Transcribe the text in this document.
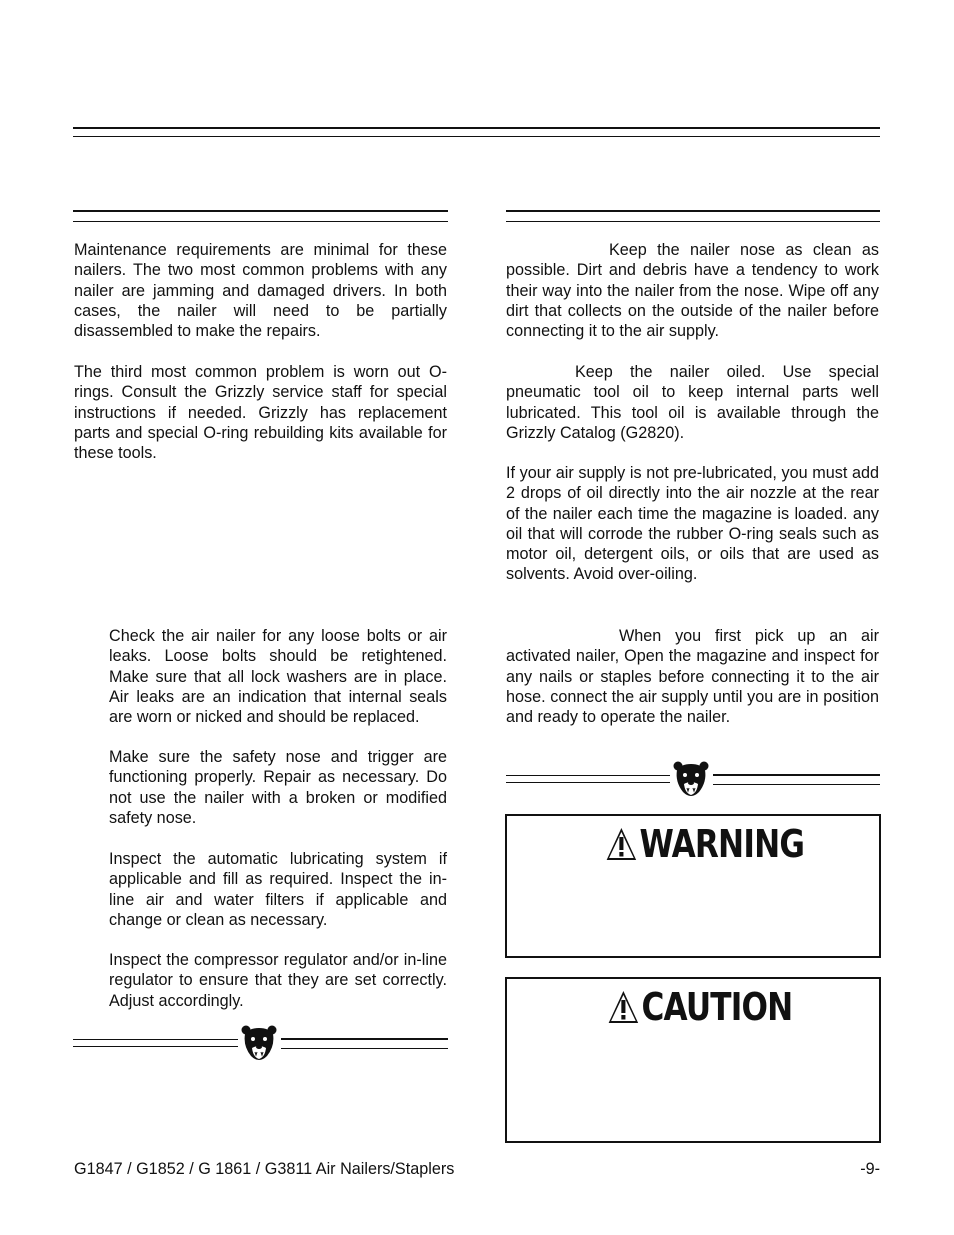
Maintenance requirements are minimal for these nailers. The two most common problems with any nailer are jamming and damaged drivers. In both cases, the nailer will need to be partially disassembled to make the repairs.

The third most common problem is worn out O-rings. Consult the Grizzly service staff for special instructions if needed. Grizzly has replacement parts and special O-ring rebuilding kits available for these tools.

Check the air nailer for any loose bolts or air leaks. Loose bolts should be retightened. Make sure that all lock washers are in place. Air leaks are an indication that internal seals are worn or nicked and should be replaced.

Make sure the safety nose and trigger are functioning properly. Repair as necessary. Do not use the nailer with a broken or modified safety nose.

Inspect the automatic lubricating system if applicable and fill as required. Inspect the in-line air and water filters if applicable and change or clean as necessary.

Inspect the compressor regulator and/or in-line regulator to ensure that they are set correctly. Adjust accordingly.

Keep the nailer nose as clean as possible. Dirt and debris have a tendency to work their way into the nailer from the nose. Wipe off any dirt that collects on the outside of the nailer before connecting it to the air supply.

Keep the nailer oiled. Use special pneumatic tool oil to keep internal parts well lubricated. This tool oil is available through the Grizzly Catalog (G2820).

If your air supply is not pre-lubricated, you must add 2 drops of oil directly into the air nozzle at the rear of the nailer each time the magazine is loaded. any oil that will corrode the rubber O-ring seals such as motor oil, detergent oils, or oils that are used as solvents. Avoid over-oiling.

When you first pick up an air activated nailer, Open the magazine and inspect for any nails or staples before connecting it to the air hose. connect the air supply until you are in position and ready to operate the nailer.

WARNING
CAUTION
G1847 / G1852 / G 1861 / G3811 Air Nailers/Staplers	-9-
